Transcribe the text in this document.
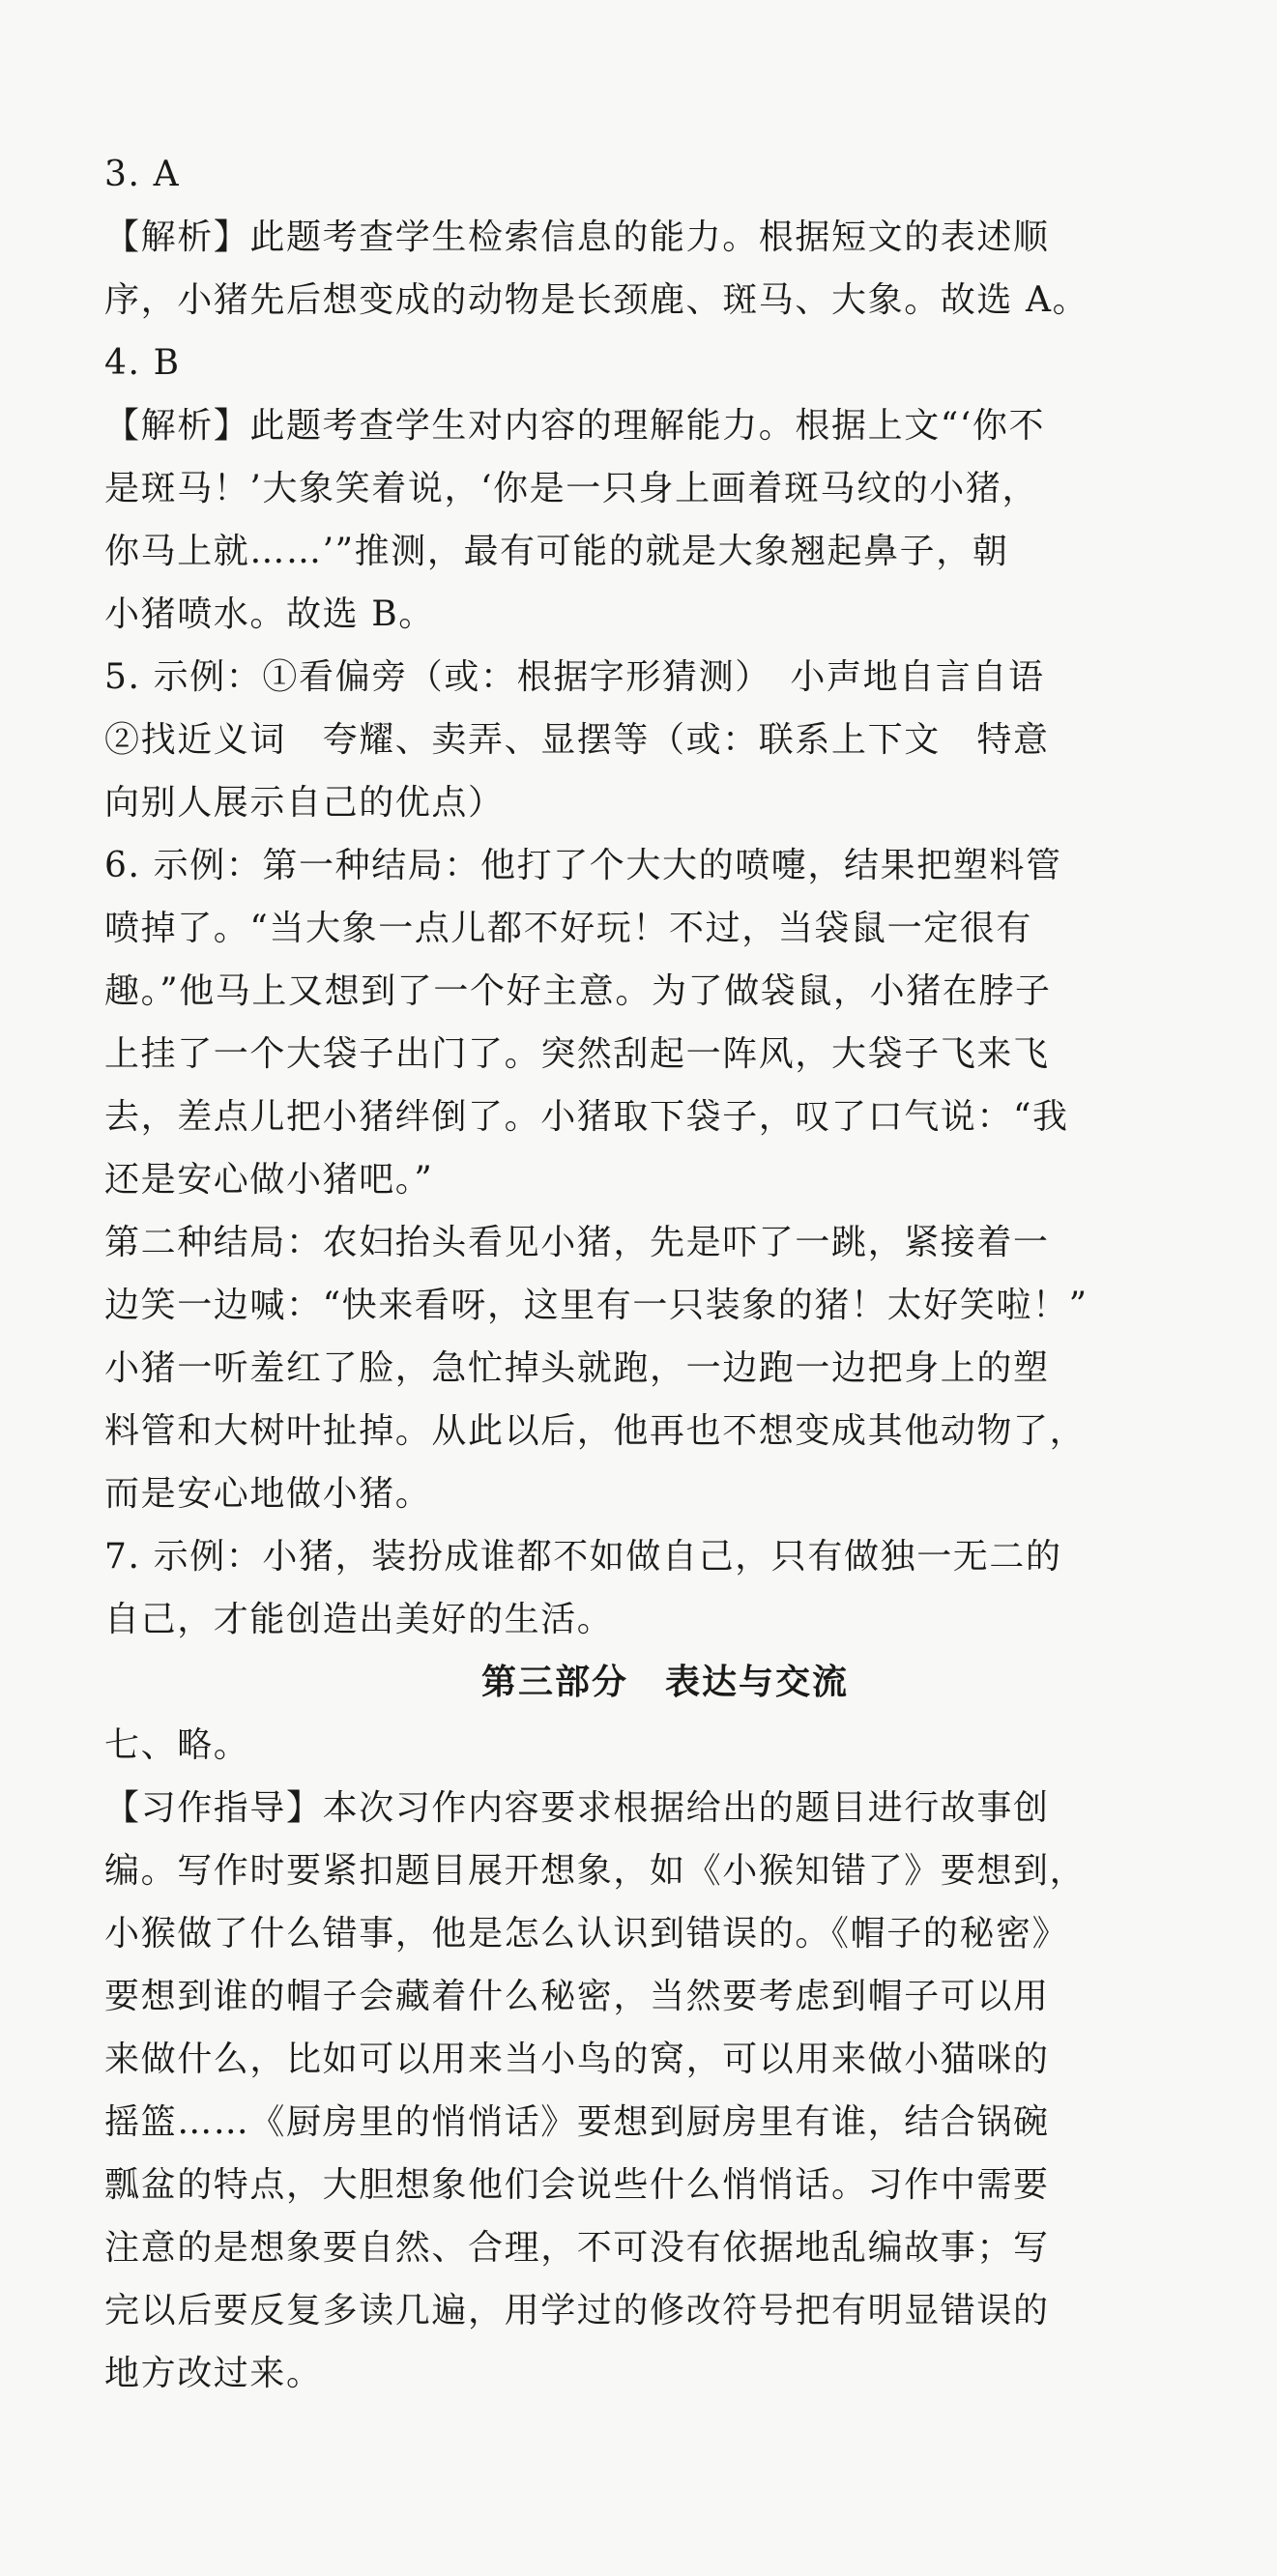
3. A
【解析】此题考查学生检索信息的能力。根据短文的表述顺
序，小猪先后想变成的动物是长颈鹿、斑马、大象。故选 A。
4. B
【解析】此题考查学生对内容的理解能力。根据上文“‘你不
是斑马！’大象笑着说，‘你是一只身上画着斑马纹的小猪，
你马上就……’”推测，最有可能的就是大象翘起鼻子，朝
小猪喷水。故选 B。
5. 示例：①看偏旁（或：根据字形猜测）　小声地自言自语
②找近义词　夸耀、卖弄、显摆等（或：联系上下文　特意
向别人展示自己的优点）
6. 示例：第一种结局：他打了个大大的喷嚏，结果把塑料管
喷掉了。“当大象一点儿都不好玩！不过，当袋鼠一定很有
趣。”他马上又想到了一个好主意。为了做袋鼠，小猪在脖子
上挂了一个大袋子出门了。突然刮起一阵风，大袋子飞来飞
去，差点儿把小猪绊倒了。小猪取下袋子，叹了口气说：“我
还是安心做小猪吧。”
第二种结局：农妇抬头看见小猪，先是吓了一跳，紧接着一
边笑一边喊：“快来看呀，这里有一只装象的猪！太好笑啦！”
小猪一听羞红了脸，急忙掉头就跑，一边跑一边把身上的塑
料管和大树叶扯掉。从此以后，他再也不想变成其他动物了，
而是安心地做小猪。
7. 示例：小猪，装扮成谁都不如做自己，只有做独一无二的
自己，才能创造出美好的生活。
第三部分　表达与交流
七、略。
【习作指导】本次习作内容要求根据给出的题目进行故事创
编。写作时要紧扣题目展开想象，如《小猴知错了》要想到，
小猴做了什么错事，他是怎么认识到错误的。《帽子的秘密》
要想到谁的帽子会藏着什么秘密，当然要考虑到帽子可以用
来做什么，比如可以用来当小鸟的窝，可以用来做小猫咪的
摇篮……《厨房里的悄悄话》要想到厨房里有谁，结合锅碗
瓢盆的特点，大胆想象他们会说些什么悄悄话。习作中需要
注意的是想象要自然、合理，不可没有依据地乱编故事；写
完以后要反复多读几遍，用学过的修改符号把有明显错误的
地方改过来。
